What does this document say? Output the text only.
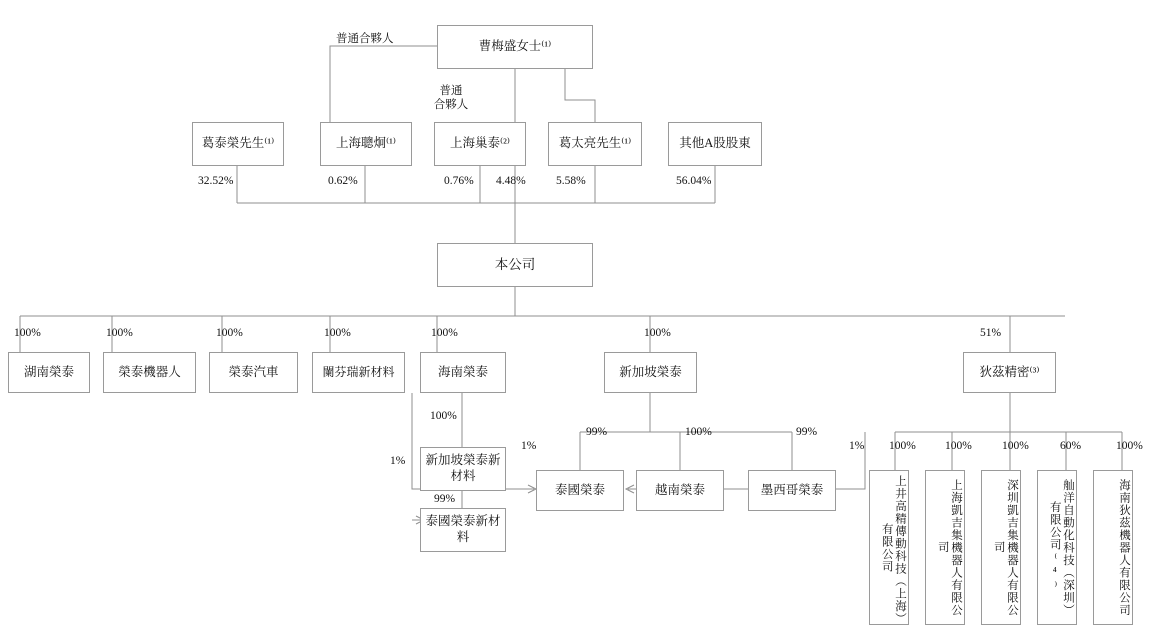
曹梅盛女士⁽¹⁾
普通合夥人
普通
合夥人
葛泰榮先生⁽¹⁾	上海聰炯⁽¹⁾	上海巢泰⁽²⁾	葛太亮先生⁽¹⁾	其他A股股東
32.52%	0.62%	0.76% 4.48%	5.58%	56.04%
本公司
100%
湖南榮泰
100%
榮泰機器人
100%
榮泰汽車
100%
闌芬瑞新材料
100%
海南榮泰
100%
新加坡榮泰
51%
狄茲精密⁽³⁾
100%
新加坡榮泰新材料
99%
泰國榮泰新材料
1%
1%
99%
泰國榮泰
100%
越南榮泰
99%
墨西哥榮泰
1% 100%
上井高精傳動科技（上海）有限公司
100%
上海凱吉集機器人有限公司
100%
深圳凱吉集機器人有限公司
60%
舢洋自動化科技（深圳）有限公司⁽⁴⁾
100%
海南狄茲機器人有限公司
